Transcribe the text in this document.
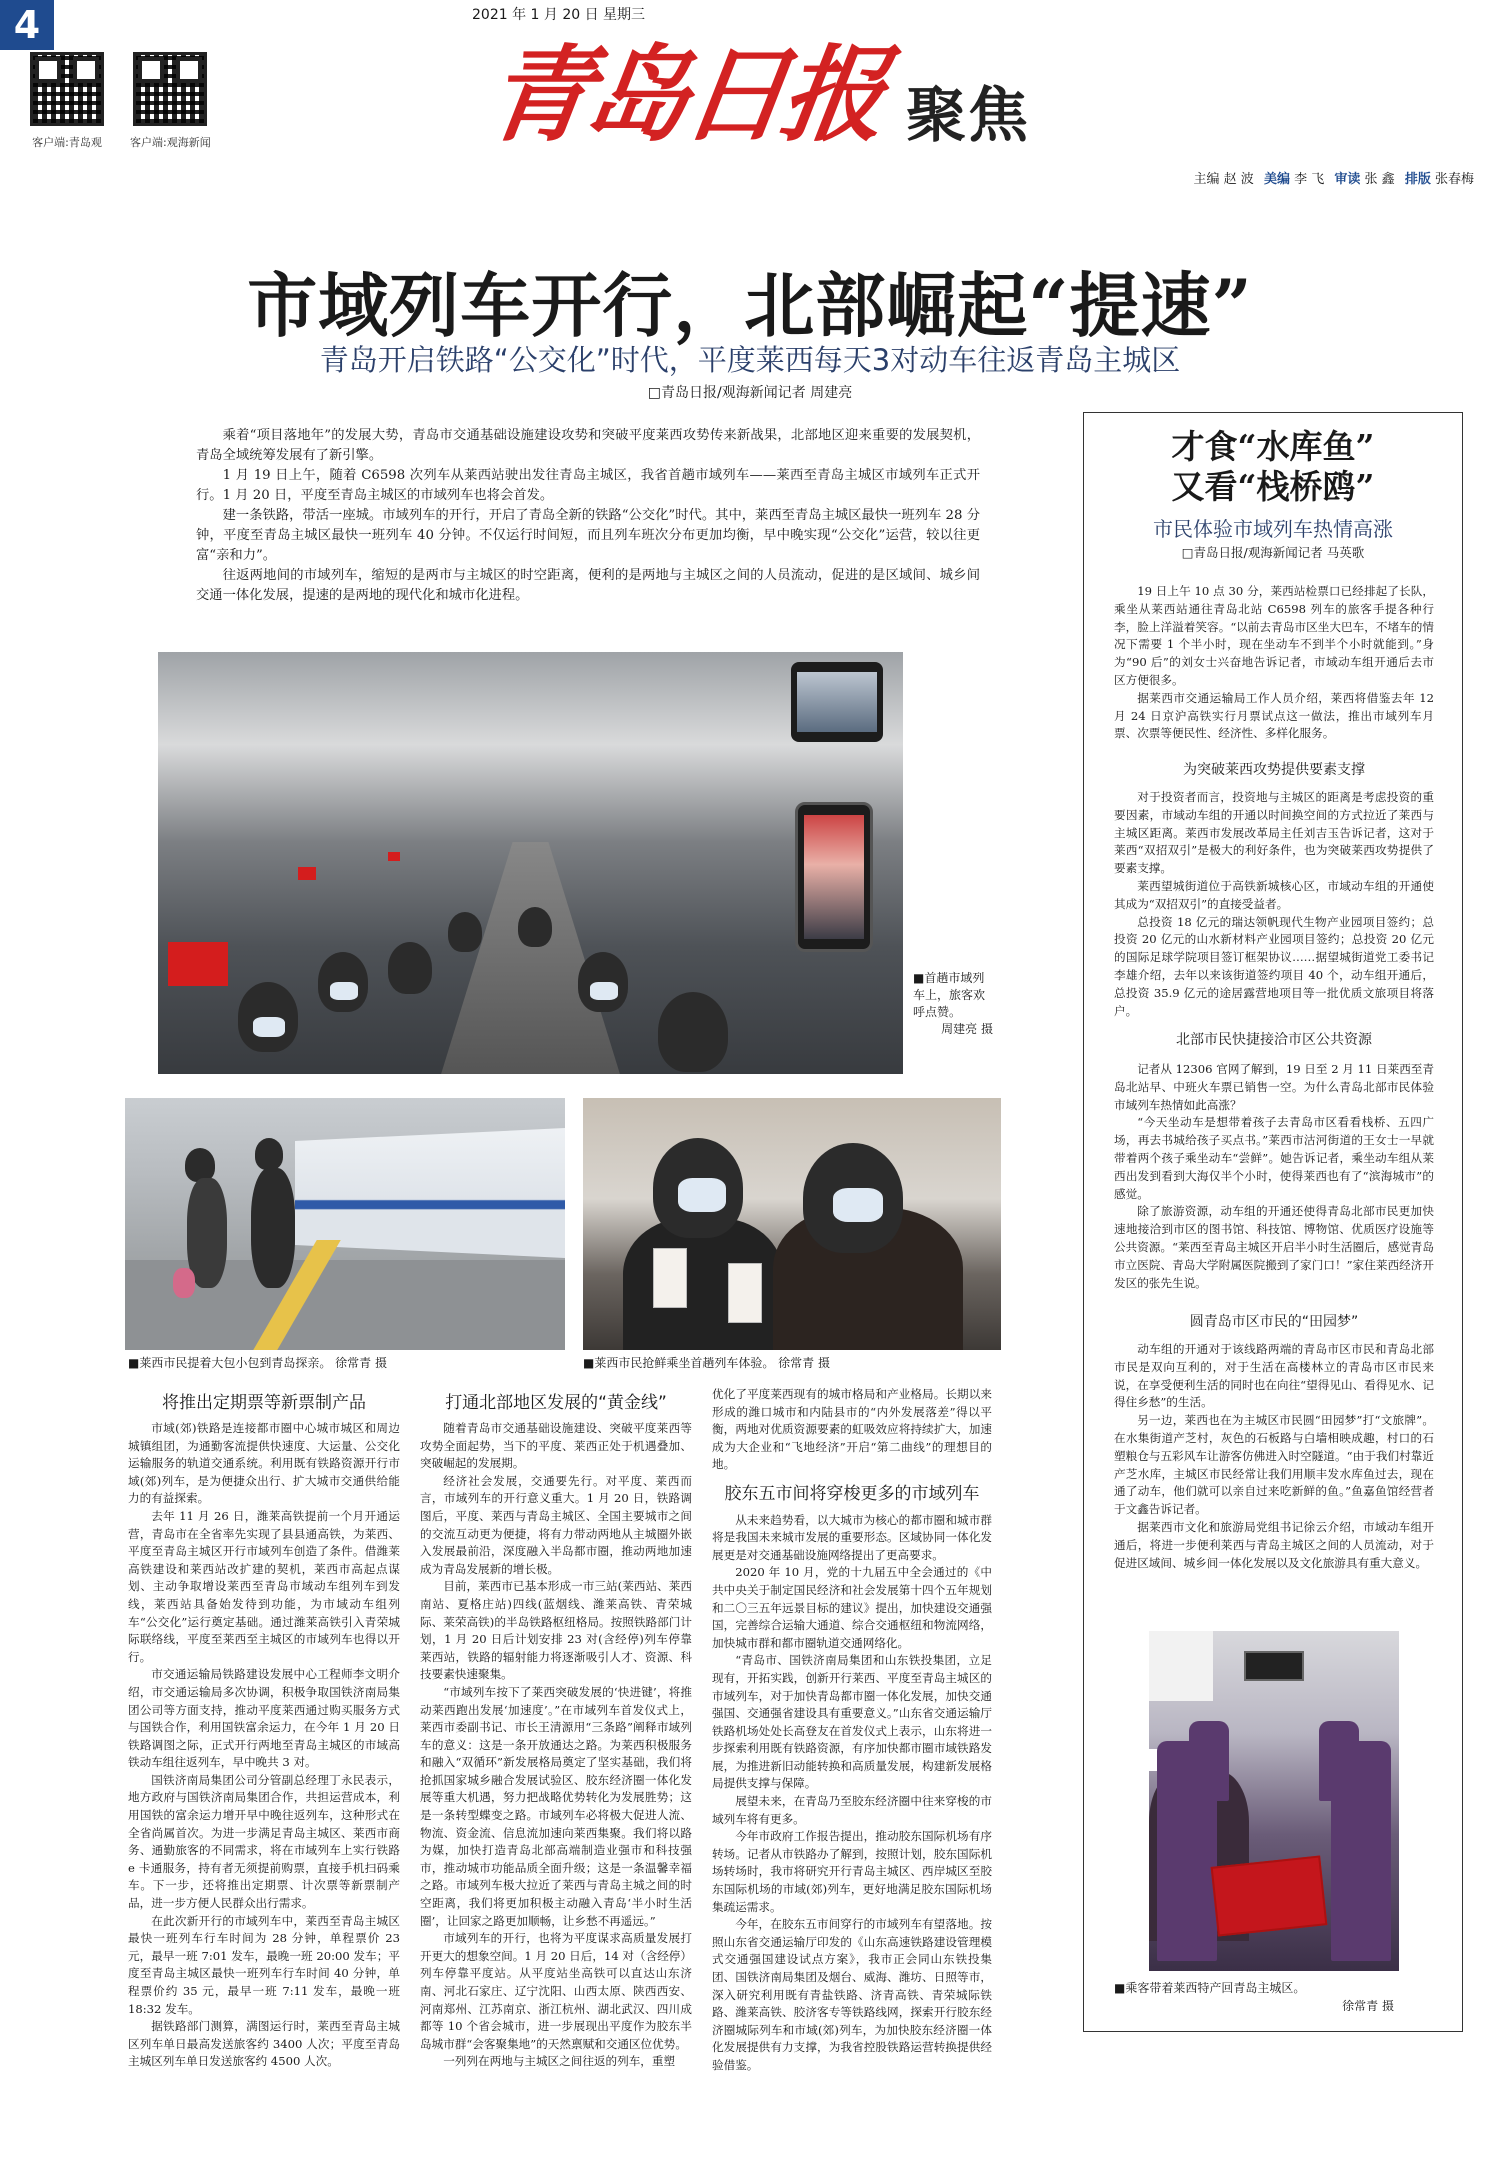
4	2021 年 1 月 20 日 星期三
客户端:青岛观	客户端:观海新闻	青岛日报 聚焦
主编 赵 波 美编 李 飞 审读 张 鑫 排版 张春梅
市域列车开行，北部崛起“提速”
青岛开启铁路“公交化”时代，平度莱西每天3对动车往返青岛主城区
□青岛日报/观海新闻记者 周建亮

乘着“项目落地年”的发展大势，青岛市交通基础设施建设攻势和突破平度莱西攻势传来新战果，北部地区迎来重要的发展契机，青岛全域统筹发展有了新引擎。

1 月 19 日上午，随着 C6598 次列车从莱西站驶出发往青岛主城区，我省首趟市域列车——莱西至青岛主城区市域列车正式开行。1 月 20 日，平度至青岛主城区的市域列车也将会首发。

建一条铁路，带活一座城。市域列车的开行，开启了青岛全新的铁路“公交化”时代。其中，莱西至青岛主城区最快一班列车 28 分钟，平度至青岛主城区最快一班列车 40 分钟。不仅运行时间短，而且列车班次分布更加均衡，早中晚实现“公交化”运营，较以往更富“亲和力”。

往返两地间的市域列车，缩短的是两市与主城区的时空距离，便利的是两地与主城区之间的人员流动，促进的是区域间、城乡间交通一体化发展，提速的是两地的现代化和城市化进程。

■首趟市域列车上，旅客欢呼点赞。
周建亮 摄
■莱西市民提着大包小包到青岛探亲。 徐常青 摄	■莱西市民抢鲜乘坐首趟列车体验。 徐常青 摄
将推出定期票等新票制产品

市域(郊)铁路是连接都市圈中心城市城区和周边城镇组团，为通勤客流提供快速度、大运量、公交化运输服务的轨道交通系统。利用既有铁路资源开行市域(郊)列车，是为便捷众出行、扩大城市交通供给能力的有益探索。

去年 11 月 26 日，潍莱高铁提前一个月开通运营，青岛市在全省率先实现了县县通高铁，为莱西、平度至青岛主城区开行市域列车创造了条件。借潍莱高铁建设和莱西站改扩建的契机，莱西市高起点谋划、主动争取增设莱西至青岛市域动车组列车到发线，莱西站具备始发待到功能，为市域动车组列车“公交化”运行奠定基础。通过潍莱高铁引入青荣城际联络线，平度至莱西至主城区的市域列车也得以开行。

市交通运输局铁路建设发展中心工程师李文明介绍，市交通运输局多次协调，积极争取国铁济南局集团公司等方面支持，推动平度莱西通过购买服务方式与国铁合作，利用国铁富余运力，在今年 1 月 20 日铁路调图之际，正式开行两地至青岛主城区的市域高铁动车组往返列车，早中晚共 3 对。

国铁济南局集团公司分管副总经理丁永民表示，地方政府与国铁济南局集团合作，共担运营成本，利用国铁的富余运力增开早中晚往返列车，这种形式在全省尚属首次。为进一步满足青岛主城区、莱西市商务、通勤旅客的不同需求，将在市域列车上实行铁路 e 卡通服务，持有者无须提前购票，直接手机扫码乘车。下一步，还将推出定期票、计次票等新票制产品，进一步方便人民群众出行需求。

在此次新开行的市域列车中，莱西至青岛主城区最快一班列车行车时间为 28 分钟，单程票价 23 元，最早一班 7:01 发车，最晚一班 20:00 发车；平度至青岛主城区最快一班列车行车时间 40 分钟，单程票价约 35 元，最早一班 7:11 发车，最晚一班 18:32 发车。

据铁路部门测算，满图运行时，莱西至青岛主城区列车单日最高发送旅客约 3400 人次；平度至青岛主城区列车单日发送旅客约 4500 人次。

打通北部地区发展的“黄金线”

随着青岛市交通基础设施建设、突破平度莱西等攻势全面起势，当下的平度、莱西正处于机遇叠加、突破崛起的发展期。

经济社会发展，交通要先行。对平度、莱西而言，市域列车的开行意义重大。1 月 20 日，铁路调图后，平度、莱西与青岛主城区、全国主要城市之间的交流互动更为便捷，将有力带动两地从主城圈外嵌入发展最前沿，深度融入半岛都市圈，推动两地加速成为青岛发展新的增长极。

目前，莱西市已基本形成一市三站(莱西站、莱西南站、夏格庄站)四线(蓝烟线、潍莱高铁、青荣城际、莱荣高铁)的半岛铁路枢纽格局。按照铁路部门计划，1 月 20 日后计划安排 23 对(含经停)列车停靠莱西站，铁路的辐射能力将逐渐吸引人才、资源、科技要素快速聚集。

“市域列车按下了莱西突破发展的‘快进键’，将推动莱西跑出发展‘加速度’。”在市域列车首发仪式上，莱西市委副书记、市长王清源用“三条路”阐释市域列车的意义：这是一条开放通达之路。为莱西积极服务和融入“双循环”新发展格局奠定了坚实基础，我们将抢抓国家城乡融合发展试验区、胶东经济圈一体化发展等重大机遇，努力把战略优势转化为发展胜势；这是一条转型蝶变之路。市域列车必将极大促进人流、物流、资金流、信息流加速向莱西集聚。我们将以路为媒，加快打造青岛北部高端制造业强市和科技强市，推动城市功能品质全面升级；这是一条温馨幸福之路。市域列车极大拉近了莱西与青岛主城之间的时空距离，我们将更加积极主动融入青岛‘半小时生活圈’，让回家之路更加顺畅，让乡愁不再遥远。”

市域列车的开行，也将为平度谋求高质量发展打开更大的想象空间。1 月 20 日后，14 对（含经停）列车停靠平度站。从平度站坐高铁可以直达山东济南、河北石家庄、辽宁沈阳、山西太原、陕西西安、河南郑州、江苏南京、浙江杭州、湖北武汉、四川成都等 10 个省会城市，进一步展现出平度作为胶东半岛城市群“会客聚集地”的天然禀赋和交通区位优势。

一列列在两地与主城区之间往返的列车，重塑

优化了平度莱西现有的城市格局和产业格局。长期以来形成的潍口城市和内陆县市的“内外发展落差”得以平衡，两地对优质资源要素的虹吸效应将持续扩大，加速成为大企业和“飞地经济”开启“第二曲线”的理想目的地。

胶东五市间将穿梭更多的市域列车

从未来趋势看，以大城市为核心的都市圈和城市群将是我国未来城市发展的重要形态。区域协同一体化发展更是对交通基础设施网络提出了更高要求。

2020 年 10 月，党的十九届五中全会通过的《中共中央关于制定国民经济和社会发展第十四个五年规划和二〇三五年远景目标的建议》提出，加快建设交通强国，完善综合运输大通道、综合交通枢纽和物流网络，加快城市群和都市圈轨道交通网络化。

“青岛市、国铁济南局集团和山东铁投集团，立足现有，开拓实践，创新开行莱西、平度至青岛主城区的市域列车，对于加快青岛都市圈一体化发展，加快交通强国、交通强省建设具有重要意义。”山东省交通运输厅铁路机场处处长高登友在首发仪式上表示，山东将进一步探索利用既有铁路资源，有序加快都市圈市域铁路发展，为推进新旧动能转换和高质量发展，构建新发展格局提供支撑与保障。

展望未来，在青岛乃至胶东经济圈中往来穿梭的市域列车将有更多。

今年市政府工作报告提出，推动胶东国际机场有序转场。记者从市铁路办了解到，按照计划，胶东国际机场转场时，我市将研究开行青岛主城区、西岸城区至胶东国际机场的市域(郊)列车，更好地满足胶东国际机场集疏运需求。

今年，在胶东五市间穿行的市域列车有望落地。按照山东省交通运输厅印发的《山东高速铁路建设管理模式交通强国建设试点方案》，我市正会同山东铁投集团、国铁济南局集团及烟台、威海、潍坊、日照等市，深入研究利用既有青盐铁路、济青高铁、青荣城际铁路、潍莱高铁、胶济客专等铁路线网，探索开行胶东经济圈城际列车和市域(郊)列车，为加快胶东经济圈一体化发展提供有力支撑，为我省控股铁路运营转换提供经验借鉴。

才食“水库鱼”
又看“栈桥鸥”
市民体验市域列车热情高涨
□青岛日报/观海新闻记者 马英歌

19 日上午 10 点 30 分，莱西站检票口已经排起了长队，乘坐从莱西站通往青岛北站 C6598 列车的旅客手提各种行李，脸上洋溢着笑容。“以前去青岛市区坐大巴车，不堵车的情况下需要 1 个半小时，现在坐动车不到半个小时就能到。”身为“90 后”的刘女士兴奋地告诉记者，市域动车组开通后去市区方便很多。

据莱西市交通运输局工作人员介绍，莱西将借鉴去年 12 月 24 日京沪高铁实行月票试点这一做法，推出市域列车月票、次票等便民性、经济性、多样化服务。

为突破莱西攻势提供要素支撑

对于投资者而言，投资地与主城区的距离是考虑投资的重要因素，市域动车组的开通以时间换空间的方式拉近了莱西与主城区距离。莱西市发展改革局主任刘吉玉告诉记者，这对于莱西“双招双引”是极大的利好条件，也为突破莱西攻势提供了要素支撑。

莱西望城街道位于高铁新城核心区，市域动车组的开通使其成为“双招双引”的直接受益者。

总投资 18 亿元的瑞达领帆现代生物产业园项目签约；总投资 20 亿元的山水新材料产业园项目签约；总投资 20 亿元的国际足球学院项目签订框架协议……据望城街道党工委书记李雄介绍，去年以来该街道签约项目 40 个，动车组开通后，总投资 35.9 亿元的途居露营地项目等一批优质文旅项目将落户。

北部市民快捷接洽市区公共资源

记者从 12306 官网了解到，19 日至 2 月 11 日莱西至青岛北站早、中班火车票已销售一空。为什么青岛北部市民体验市域列车热情如此高涨？

“今天坐动车是想带着孩子去青岛市区看看栈桥、五四广场，再去书城给孩子买点书。”莱西市沽河街道的王女士一早就带着两个孩子乘坐动车“尝鲜”。她告诉记者，乘坐动车组从莱西出发到看到大海仅半个小时，使得莱西也有了“滨海城市”的感觉。

除了旅游资源，动车组的开通还使得青岛北部市民更加快速地接洽到市区的图书馆、科技馆、博物馆、优质医疗设施等公共资源。“莱西至青岛主城区开启半小时生活圈后，感觉青岛市立医院、青岛大学附属医院搬到了家门口！”家住莱西经济开发区的张先生说。

圆青岛市区市民的“田园梦”

动车组的开通对于该线路两端的青岛市区市民和青岛北部市民是双向互利的，对于生活在高楼林立的青岛市区市民来说，在享受便利生活的同时也在向往“望得见山、看得见水、记得住乡愁”的生活。

另一边，莱西也在为主城区市民圆“田园梦”打“文旅牌”。在水集街道产芝村，灰色的石板路与白墙相映成趣，村口的石塑粮仓与五彩风车让游客仿佛进入时空隧道。“由于我们村靠近产芝水库，主城区市民经常让我们用顺丰发水库鱼过去，现在通了动车，他们就可以亲自过来吃新鲜的鱼。”鱼嘉鱼馆经营者于文鑫告诉记者。

据莱西市文化和旅游局党组书记徐云介绍，市域动车组开通后，将进一步便利莱西与青岛主城区之间的人员流动，对于促进区域间、城乡间一体化发展以及文化旅游具有重大意义。

■乘客带着莱西特产回青岛主城区。
徐常青 摄
